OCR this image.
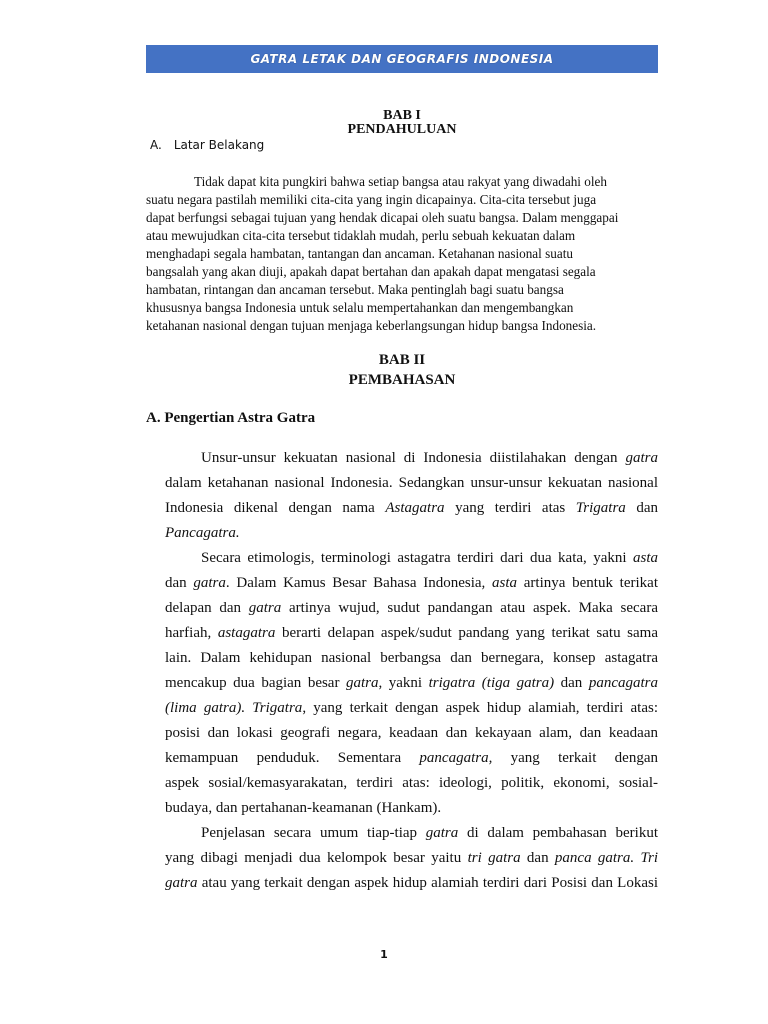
GATRA LETAK DAN GEOGRAFIS INDONESIA
BAB I
PENDAHULUAN
A. Latar Belakang
Tidak dapat kita pungkiri bahwa setiap bangsa atau rakyat yang diwadahi oleh
suatu negara pastilah memiliki cita-cita yang ingin dicapainya. Cita-cita tersebut juga
dapat berfungsi sebagai tujuan yang hendak dicapai oleh suatu bangsa. Dalam menggapai
atau mewujudkan cita-cita tersebut tidaklah mudah, perlu sebuah kekuatan dalam
menghadapi segala hambatan, tantangan dan ancaman. Ketahanan nasional suatu
bangsalah yang akan diuji, apakah dapat bertahan dan apakah dapat mengatasi segala
hambatan, rintangan dan ancaman tersebut. Maka pentinglah bagi suatu bangsa
khususnya bangsa Indonesia untuk selalu mempertahankan dan mengembangkan
ketahanan nasional dengan tujuan menjaga keberlangsungan hidup bangsa Indonesia.
BAB II
PEMBAHASAN
A. Pengertian Astra Gatra
Unsur-unsur kekuatan nasional di Indonesia diistilahakan dengan gatra
dalam ketahanan nasional Indonesia. Sedangkan unsur-unsur kekuatan nasional
Indonesia dikenal dengan nama Astagatra yang terdiri atas Trigatra dan
Pancagatra.
Secara etimologis, terminologi astagatra terdiri dari dua kata, yakni asta
dan gatra. Dalam Kamus Besar Bahasa Indonesia, asta artinya bentuk terikat
delapan dan gatra artinya wujud, sudut pandangan atau aspek. Maka secara
harfiah, astagatra berarti delapan aspek/sudut pandang yang terikat satu sama
lain. Dalam kehidupan nasional berbangsa dan bernegara, konsep astagatra
mencakup dua bagian besar gatra, yakni trigatra (tiga gatra) dan pancagatra
(lima gatra). Trigatra, yang terkait dengan aspek hidup alamiah, terdiri atas:
posisi dan lokasi geografi negara, keadaan dan kekayaan alam, dan keadaan
kemampuan penduduk. Sementara pancagatra, yang terkait dengan
aspek sosial/kemasyarakatan, terdiri atas: ideologi, politik, ekonomi, sosial-
budaya, dan pertahanan-keamanan (Hankam).
Penjelasan secara umum tiap-tiap gatra di dalam pembahasan berikut
yang dibagi menjadi dua kelompok besar yaitu tri gatra dan panca gatra. Tri
gatra atau yang terkait dengan aspek hidup alamiah terdiri dari Posisi dan Lokasi
1
